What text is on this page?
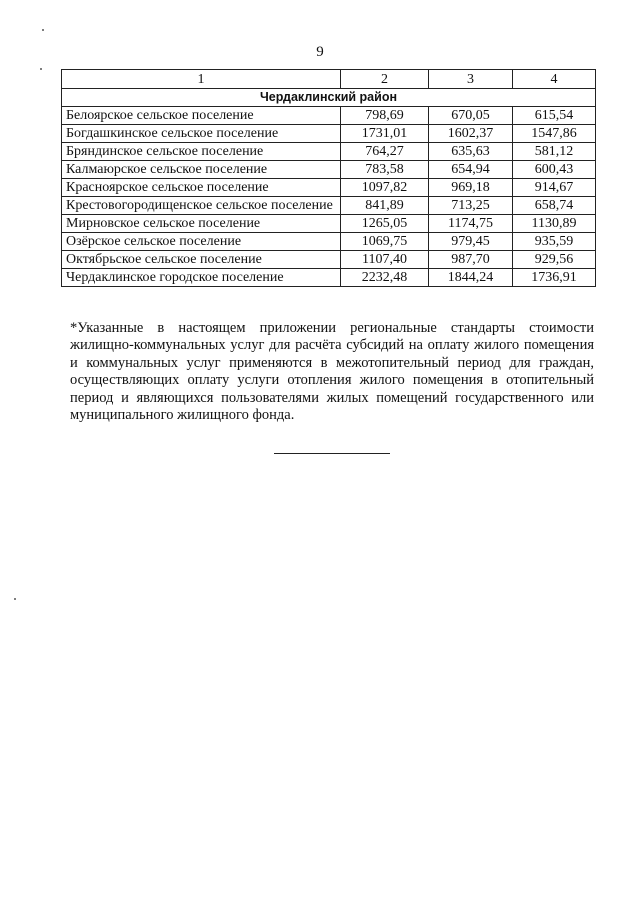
9
1	2	3	4
Чердаклинский район			
Белоярское сельское поселение	798,69	670,05	615,54
Богдашкинское сельское поселение	1731,01	1602,37	1547,86
Бряндинское сельское поселение	764,27	635,63	581,12
Калмаюрское сельское поселение	783,58	654,94	600,43
Красноярское сельское поселение	1097,82	969,18	914,67
Крестовогородищенское сельское поселение	841,89	713,25	658,74
Мирновское сельское поселение	1265,05	1174,75	1130,89
Озёрское сельское поселение	1069,75	979,45	935,59
Октябрьское сельское поселение	1107,40	987,70	929,56
Чердаклинское городское поселение	2232,48	1844,24	1736,91
*Указанные в настоящем приложении региональные стандарты стоимости жилищно-коммунальных услуг для расчёта субсидий на оплату жилого помещения и коммунальных услуг применяются в межотопительный период для граждан, осуществляющих оплату услуги отопления жилого помещения в отопительный период и являющихся пользователями жилых помещений государственного или муниципального жилищного фонда.
